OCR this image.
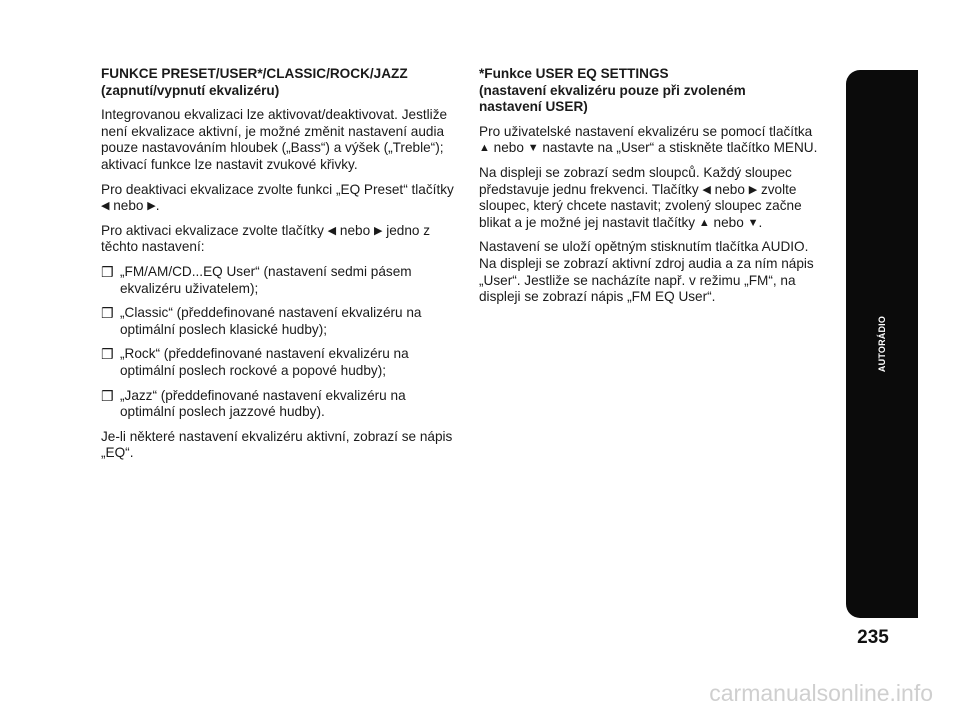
FUNKCE PRESET/USER*/CLASSIC/ROCK/JAZZ
(zapnutí/vypnutí ekvalizéru)

Integrovanou ekvalizaci lze aktivovat/deaktivovat. Jestliže není ekvalizace aktivní, je možné změnit nastavení audia pouze nastavováním hloubek („Bass“) a výšek („Treble“); aktivací funkce lze nastavit zvukové křivky.

Pro deaktivaci ekvalizace zvolte funkci „EQ Preset“ tlačítky ◀ nebo ▶.

Pro aktivaci ekvalizace zvolte tlačítky ◀ nebo ▶ jedno z těchto nastavení:

❒ „FM/AM/CD...EQ User“ (nastavení sedmi pásem ekvalizéru uživatelem);
❒ „Classic“ (předdefinované nastavení ekvalizéru na optimální poslech klasické hudby);
❒ „Rock“ (předdefinované nastavení ekvalizéru na optimální poslech rockové a popové hudby);
❒ „Jazz“ (předdefinované nastavení ekvalizéru na optimální poslech jazzové hudby).

Je-li některé nastavení ekvalizéru aktivní, zobrazí se nápis „EQ“.

*Funkce USER EQ SETTINGS
(nastavení ekvalizéru pouze při zvoleném
nastavení USER)

Pro uživatelské nastavení ekvalizéru se pomocí tlačítka ▲ nebo ▼ nastavte na „User“ a stiskněte tlačítko MENU.

Na displeji se zobrazí sedm sloupců. Každý sloupec představuje jednu frekvenci. Tlačítky ◀ nebo ▶ zvolte sloupec, který chcete nastavit; zvolený sloupec začne blikat a je možné jej nastavit tlačítky ▲ nebo ▼.

Nastavení se uloží opětným stisknutím tlačítka AUDIO. Na displeji se zobrazí aktivní zdroj audia a za ním nápis „User“. Jestliže se nacházíte např. v režimu „FM“, na displeji se zobrazí nápis „FM EQ User“.

AUTORÁDIO
235
carmanualsonline.info
